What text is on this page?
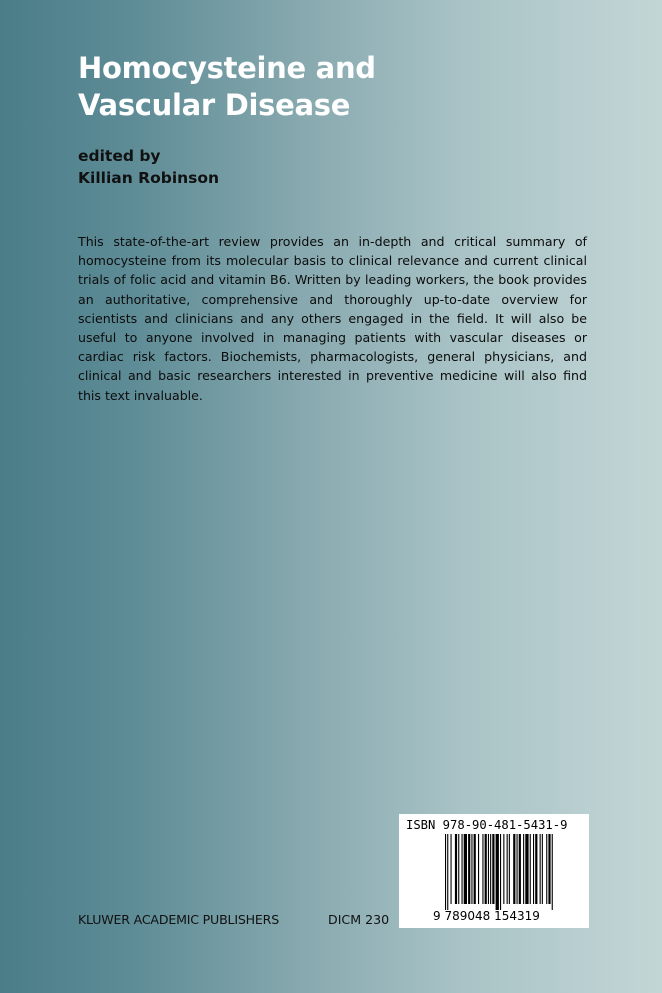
Homocysteine and
Vascular Disease
edited by
Killian Robinson

This state-of-the-art review provides an in-depth and critical summary of homocysteine from its molecular basis to clinical relevance and current clinical trials of folic acid and vitamin B6. Written by leading workers, the book provides an authoritative, comprehensive and thoroughly up-to-date overview for scientists and clinicians and any others engaged in the field. It will also be useful to anyone involved in managing patients with vascular diseases or cardiac risk factors. Biochemists, pharmacologists, general physicians, and clinical and basic researchers interested in preventive medicine will also find this text invaluable.

ISBN 978-90-481-5431-9
9 789048 154319
KLUWER ACADEMIC PUBLISHERS	DICM 230
